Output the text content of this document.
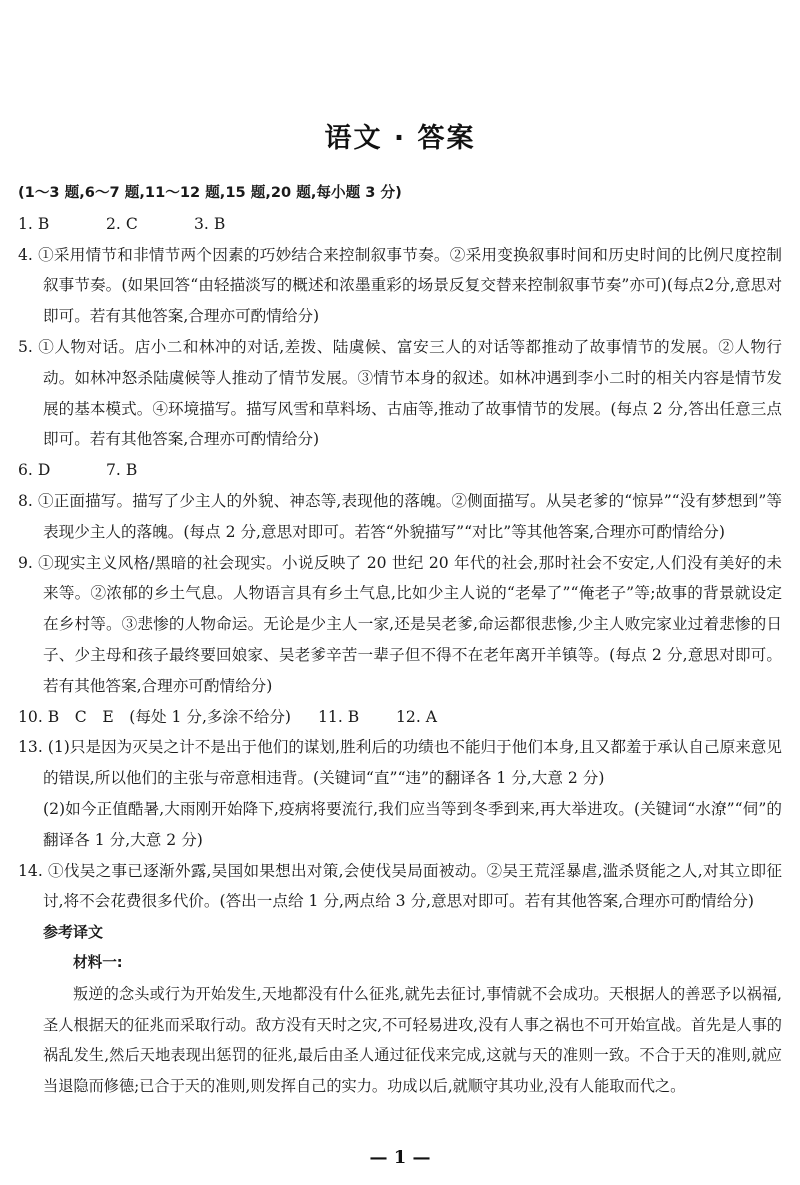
语文 · 答案

(1～3 题,6～7 题,11～12 题,15 题,20 题,每小题 3 分)

1. B	2. C	3. B

4. ①采用情节和非情节两个因素的巧妙结合来控制叙事节奏。②采用变换叙事时间和历史时间的比例尺度控制叙事节奏。(如果回答“由轻描淡写的概述和浓墨重彩的场景反复交替来控制叙事节奏”亦可)(每点2分,意思对即可。若有其他答案,合理亦可酌情给分)

5. ①人物对话。店小二和林冲的对话,差拨、陆虞候、富安三人的对话等都推动了故事情节的发展。②人物行动。如林冲怒杀陆虞候等人推动了情节发展。③情节本身的叙述。如林冲遇到李小二时的相关内容是情节发展的基本模式。④环境描写。描写风雪和草料场、古庙等,推动了故事情节的发展。(每点 2 分,答出任意三点即可。若有其他答案,合理亦可酌情给分)

6. D	7. B

8. ①正面描写。描写了少主人的外貌、神态等,表现他的落魄。②侧面描写。从吴老爹的“惊异”“没有梦想到”等表现少主人的落魄。(每点 2 分,意思对即可。若答“外貌描写”“对比”等其他答案,合理亦可酌情给分)

9. ①现实主义风格/黑暗的社会现实。小说反映了 20 世纪 20 年代的社会,那时社会不安定,人们没有美好的未来等。②浓郁的乡土气息。人物语言具有乡土气息,比如少主人说的“老晕了”“俺老子”等;故事的背景就设定在乡村等。③悲惨的人物命运。无论是少主人一家,还是吴老爹,命运都很悲惨,少主人败完家业过着悲惨的日子、少主母和孩子最终要回娘家、吴老爹辛苦一辈子但不得不在老年离开羊镇等。(每点 2 分,意思对即可。若有其他答案,合理亦可酌情给分)

10. B　C　E　(每处 1 分,多涂不给分)	11. B	12. A

13. (1)只是因为灭吴之计不是出于他们的谋划,胜利后的功绩也不能归于他们本身,且又都羞于承认自己原来意见的错误,所以他们的主张与帝意相违背。(关键词“直”“违”的翻译各 1 分,大意 2 分)

(2)如今正值酷暑,大雨刚开始降下,疫病将要流行,我们应当等到冬季到来,再大举进攻。(关键词“水潦”“伺”的翻译各 1 分,大意 2 分)

14. ①伐吴之事已逐渐外露,吴国如果想出对策,会使伐吴局面被动。②吴王荒淫暴虐,滥杀贤能之人,对其立即征讨,将不会花费很多代价。(答出一点给 1 分,两点给 3 分,意思对即可。若有其他答案,合理亦可酌情给分)

参考译文

材料一:

叛逆的念头或行为开始发生,天地都没有什么征兆,就先去征讨,事情就不会成功。天根据人的善恶予以祸福,圣人根据天的征兆而采取行动。敌方没有天时之灾,不可轻易进攻,没有人事之祸也不可开始宣战。首先是人事的祸乱发生,然后天地表现出惩罚的征兆,最后由圣人通过征伐来完成,这就与天的准则一致。不合于天的准则,就应当退隐而修德;已合于天的准则,则发挥自己的实力。功成以后,就顺守其功业,没有人能取而代之。

— 1 —
